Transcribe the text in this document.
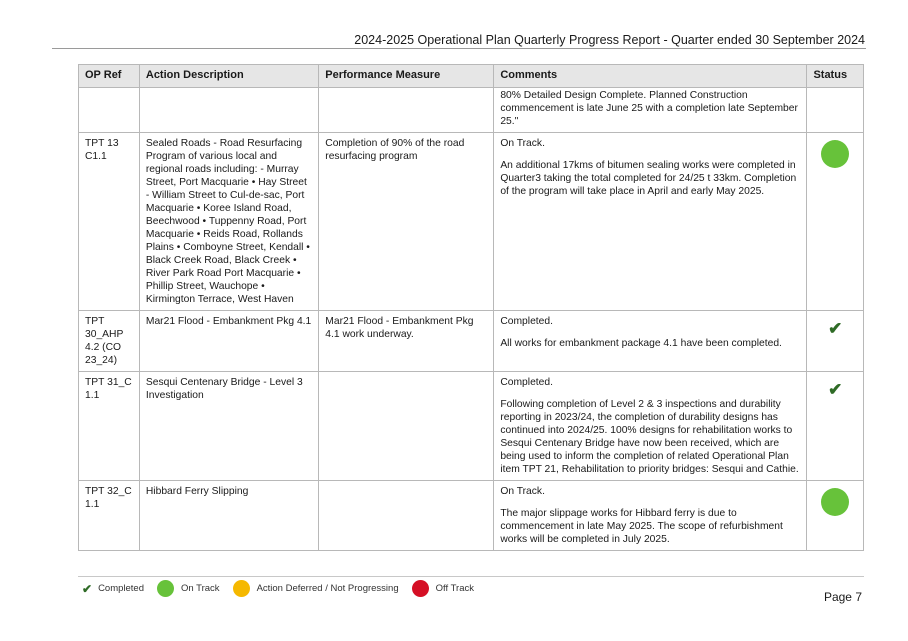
2024-2025 Operational Plan Quarterly Progress Report - Quarter ended 30 September 2024
OP Ref	Action Description	Performance Measure	Comments	Status

			80% Detailed Design Complete. Planned Construction commencement is late June 25 with a completion late September 25."	

TPT 13 C1.1	Sealed Roads - Road Resurfacing Program of various local and regional roads including: - Murray Street, Port Macquarie • Hay Street - William Street to Cul-de-sac, Port Macquarie • Koree Island Road, Beechwood • Tuppenny Road, Port Macquarie • Reids Road, Rollands Plains • Comboyne Street, Kendall • Black Creek Road, Black Creek • River Park Road Port Macquarie • Phillip Street, Wauchope • Kirmington Terrace, West Haven	Completion of 90% of the road resurfacing program	On Track.

An additional 17kms of bitumen sealing works were completed in Quarter3 taking the total completed for 24/25 t 33km. Completion of the program will take place in April and early May 2025.	

TPT 30_AHP 4.2 (CO 23_24)	Mar21 Flood - Embankment Pkg 4.1	Mar21 Flood - Embankment Pkg 4.1 work underway.	Completed.

All works for embankment package 4.1 have been completed.	✔
TPT 31_C 1.1	Sesqui Centenary Bridge - Level 3 Investigation		Completed.

Following completion of Level 2 & 3 inspections and durability reporting in 2023/24, the completion of durability designs has continued into 2024/25. 100% designs for rehabilitation works to Sesqui Centenary Bridge have now been received, which are being used to inform the completion of related Operational Plan item TPT 21, Rehabilitation to priority bridges: Sesqui and Cathie.	✔
TPT 32_C 1.1	Hibbard Ferry Slipping		On Track.

The major slippage works for Hibbard ferry is due to commencement in late May 2025. The scope of refurbishment works will be completed in July 2025.	

✔ Completed	On Track	Action Deferred / Not Progressing	Off Track
Page 7
